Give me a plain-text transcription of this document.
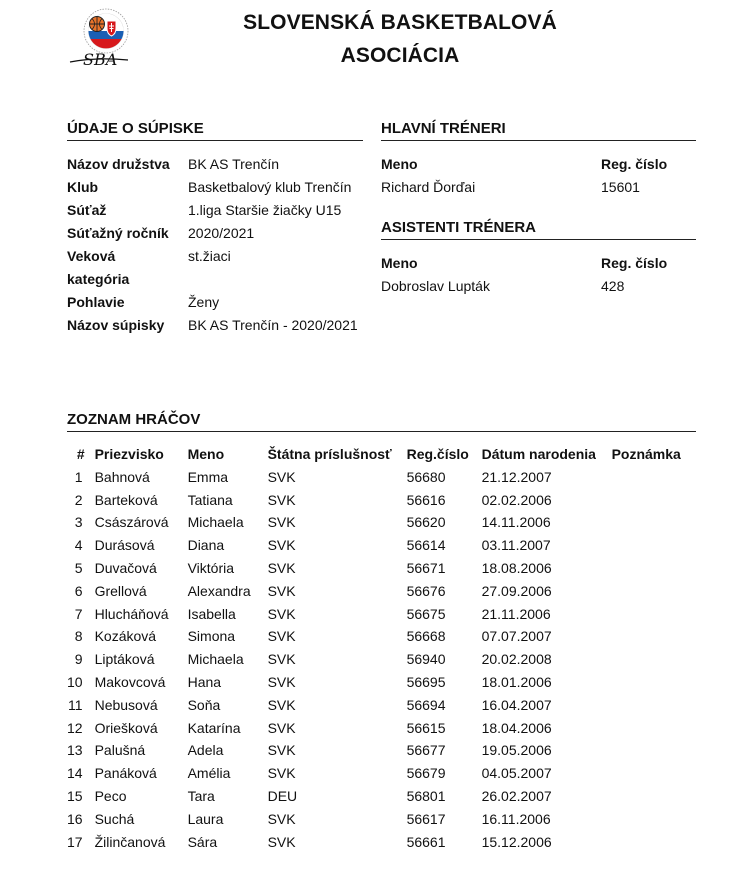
SBA
SLOVENSKÁ BASKETBALOVÁ
ASOCIÁCIA
ÚDAJE O SÚPISKE
Názov družstva	BK AS Trenčín
Klub	Basketbalový klub Trenčín
Súťaž	1.liga Staršie žiačky U15
Súťažný ročník	2020/2021
Veková kategória	st.žiaci
Pohlavie	Ženy
Názov súpisky	BK AS Trenčín - 2020/2021
HLAVNÍ TRÉNERI
Meno	Reg. číslo
Richard Ďorďai	15601
ASISTENTI TRÉNERA
Meno	Reg. číslo
Dobroslav Lupták	428
ZOZNAM HRÁČOV
#	Priezvisko	Meno	Štátna príslušnosť	Reg.číslo	Dátum narodenia	Poznámka
1	Bahnová	Emma	SVK	56680	21.12.2007	
2	Barteková	Tatiana	SVK	56616	02.02.2006	
3	Császárová	Michaela	SVK	56620	14.11.2006	
4	Durásová	Diana	SVK	56614	03.11.2007	
5	Duvačová	Viktória	SVK	56671	18.08.2006	
6	Grellová	Alexandra	SVK	56676	27.09.2006	
7	Hlucháňová	Isabella	SVK	56675	21.11.2006	
8	Kozáková	Simona	SVK	56668	07.07.2007	
9	Liptáková	Michaela	SVK	56940	20.02.2008	
10	Makovcová	Hana	SVK	56695	18.01.2006	
11	Nebusová	Soňa	SVK	56694	16.04.2007	
12	Oriešková	Katarína	SVK	56615	18.04.2006	
13	Palušná	Adela	SVK	56677	19.05.2006	
14	Panáková	Amélia	SVK	56679	04.05.2007	
15	Peco	Tara	DEU	56801	26.02.2007	
16	Suchá	Laura	SVK	56617	16.11.2006	
17	Žilinčanová	Sára	SVK	56661	15.12.2006	
